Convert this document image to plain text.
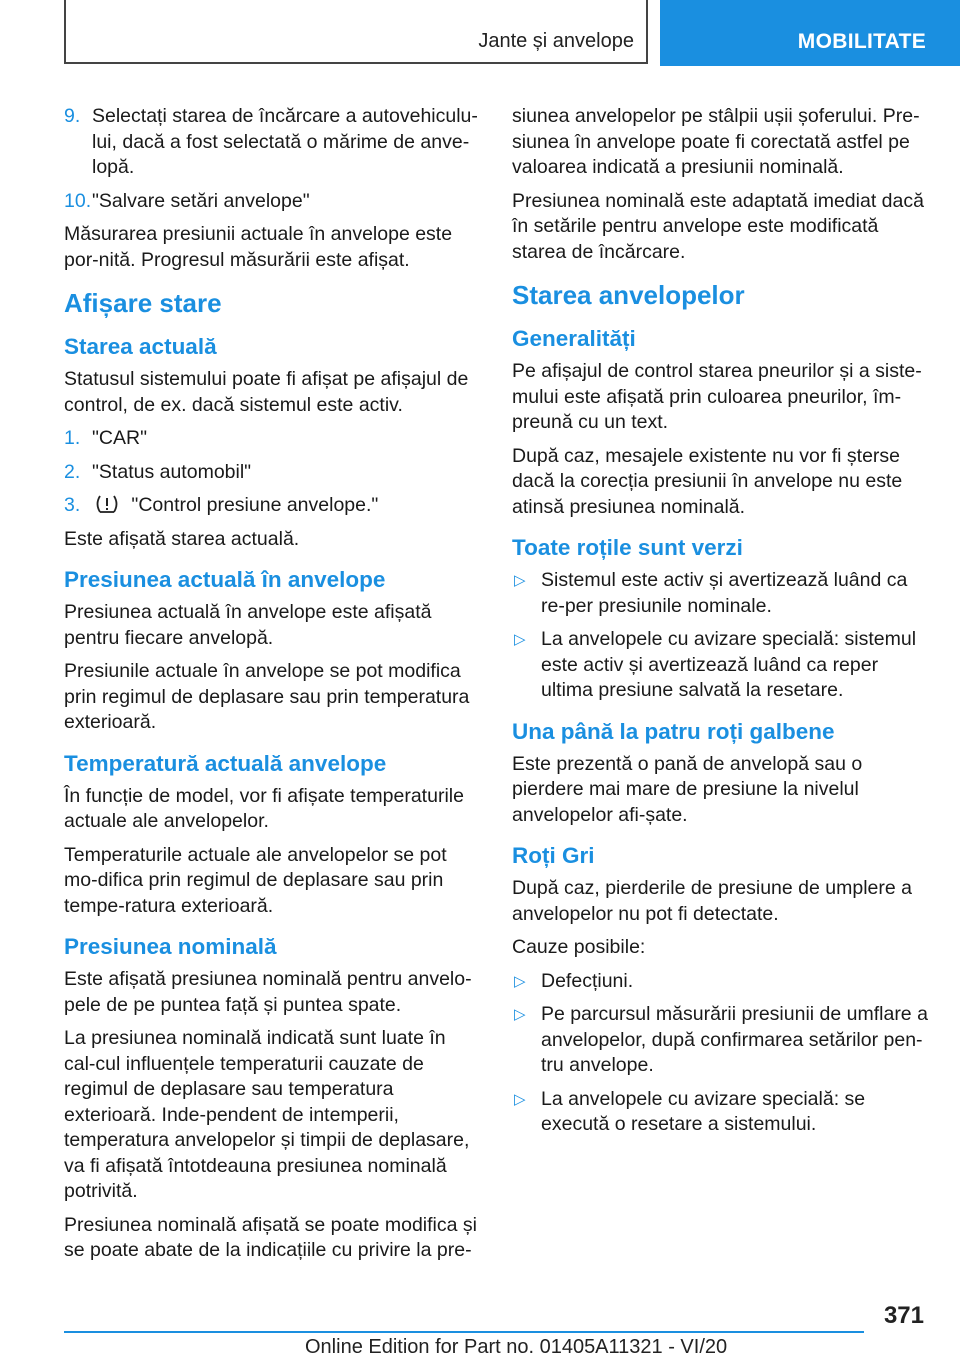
Jante și anvelope	MOBILITATE
9. Selectați starea de încărcare a autovehiculu-lui, dacă a fost selectată o mărime de anve-lopă.
10. "Salvare setări anvelope"

Măsurarea presiunii actuale în anvelope este por-nită. Progresul măsurării este afișat.

Afișare stare
Starea actuală

Statusul sistemului poate fi afișat pe afișajul de control, de ex. dacă sistemul este activ.

1. "CAR"
2. "Status automobil"
3.	"Control presiune anvelope."

Este afișată starea actuală.

Presiunea actuală în anvelope

Presiunea actuală în anvelope este afișată pentru fiecare anvelopă.

Presiunile actuale în anvelope se pot modifica prin regimul de deplasare sau prin temperatura exterioară.

Temperatură actuală anvelope

În funcție de model, vor fi afișate temperaturile actuale ale anvelopelor.

Temperaturile actuale ale anvelopelor se pot mo-difica prin regimul de deplasare sau prin tempe-ratura exterioară.

Presiunea nominală

Este afișată presiunea nominală pentru anvelo-pele de pe puntea față și puntea spate.

La presiunea nominală indicată sunt luate în cal-cul influențele temperaturii cauzate de regimul de deplasare sau temperatura exterioară. Inde-pendent de intemperii, temperatura anvelopelor și timpii de deplasare, va fi afișată întotdeauna presiunea nominală potrivită.

Presiunea nominală afișată se poate modifica și se poate abate de la indicațiile cu privire la pre-

siunea anvelopelor pe stâlpii ușii șoferului. Pre-siunea în anvelope poate fi corectată astfel pe valoarea indicată a presiunii nominală.

Presiunea nominală este adaptată imediat dacă în setările pentru anvelope este modificată starea de încărcare.

Starea anvelopelor
Generalități

Pe afișajul de control starea pneurilor și a siste-mului este afișată prin culoarea pneurilor, îm-preună cu un text.

După caz, mesajele existente nu vor fi șterse dacă la corecția presiunii în anvelope nu este atinsă presiunea nominală.

Toate roțile sunt verzi
▷ Sistemul este activ și avertizează luând ca re-per presiunile nominale.
▷ La anvelopele cu avizare specială: sistemul este activ și avertizează luând ca reper ultima presiune salvată la resetare.
Una până la patru roți galbene

Este prezentă o pană de anvelopă sau o pierdere mai mare de presiune la nivelul anvelopelor afi-șate.

Roți Gri

După caz, pierderile de presiune de umplere a anvelopelor nu pot fi detectate.

Cauze posibile:

▷ Defecțiuni.
▷ Pe parcursul măsurării presiunii de umflare a anvelopelor, după confirmarea setărilor pen-tru anvelope.
▷ La anvelopele cu avizare specială: se execută o resetare a sistemului.
371
Online Edition for Part no. 01405A11321 - VI/20
